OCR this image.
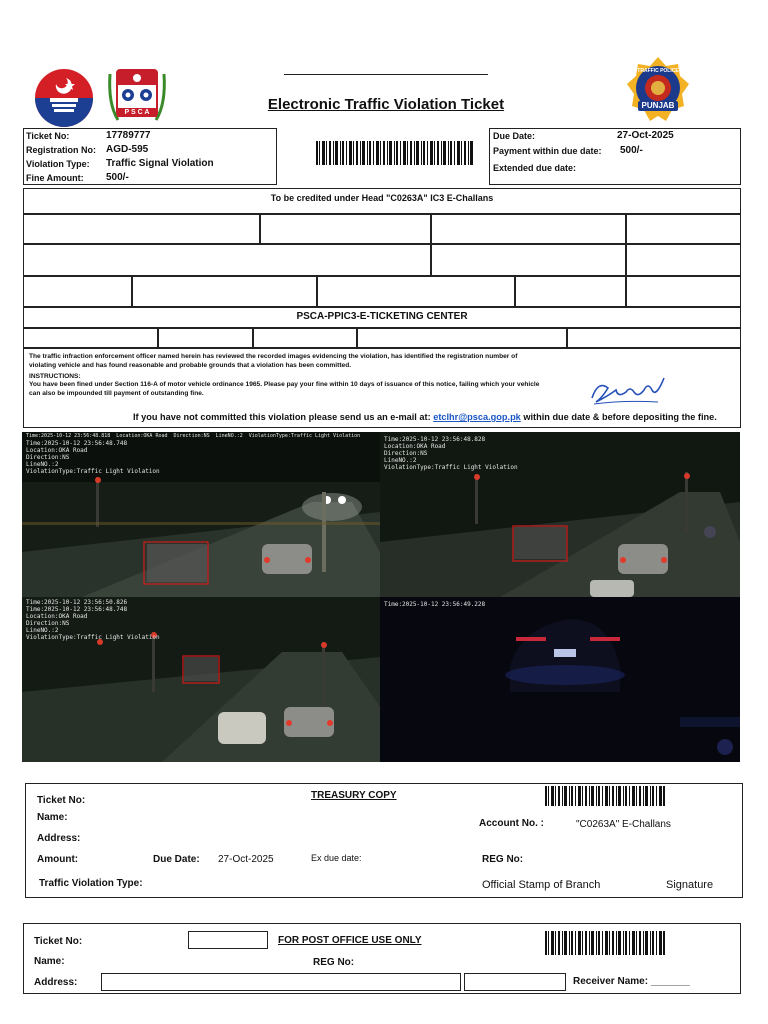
P S C A	Electronic Traffic Violation Ticket
TRAFFIC POLICE
PUNJAB
Ticket No:	17789777
Registration No: AGD-595
Violation Type: Traffic Signal Violation
Fine Amount: 500/-
Due Date:	27-Oct-2025
Payment within due date: 500/-
Extended due date:
To be credited under Head "C0263A" IC3 E-Challans
PSCA-PPIC3-E-TICKETING CENTER
The traffic infraction enforcement officer named herein has reviewed the recorded images evidencing the violation, has identified the registration number of violating vehicle and has found reasonable and probable grounds that a violation has been committed.
INSTRUCTIONS:
You have been fined under Section 116-A of motor vehicle ordinance 1965. Please pay your fine within 10 days of issuance of this notice, failing which your vehicle can also be impounded till payment of outstanding fine.
If you have not committed this violation please send us an e-mail at: etclhr@psca.gop.pk within due date & before depositing the fine.
Time:2025-10-12 23:56:48.818  Location:OKA Road  Direction:NS  LineNO.:2  ViolationType:Traffic Light Violation
Time:2025-10-12 23:56:48.748
Location:OKA Road
Direction:NS
LineNO.:2
ViolationType:Traffic Light Violation
Time:2025-10-12 23:56:48.828
Location:OKA Road
Direction:NS
LineNO.:2
ViolationType:Traffic Light Violation
Time:2025-10-12 23:56:50.826
Time:2025-10-12 23:56:48.748
Location:OKA Road
Direction:NS
LineNO.:2
ViolationType:Traffic Light Violation
Time:2025-10-12 23:56:49.228
TREASURY COPY
Ticket No:
Name:
Address:
Amount:	Due Date: 27-Oct-2025	Ex due date:
Account No. :	"C0263A" E-Challans
REG No:
Traffic Violation Type:	Official Stamp of Branch	Signature
Ticket No:	FOR POST OFFICE USE ONLY
Name:	REG No:
Address:	Receiver Name: _______
